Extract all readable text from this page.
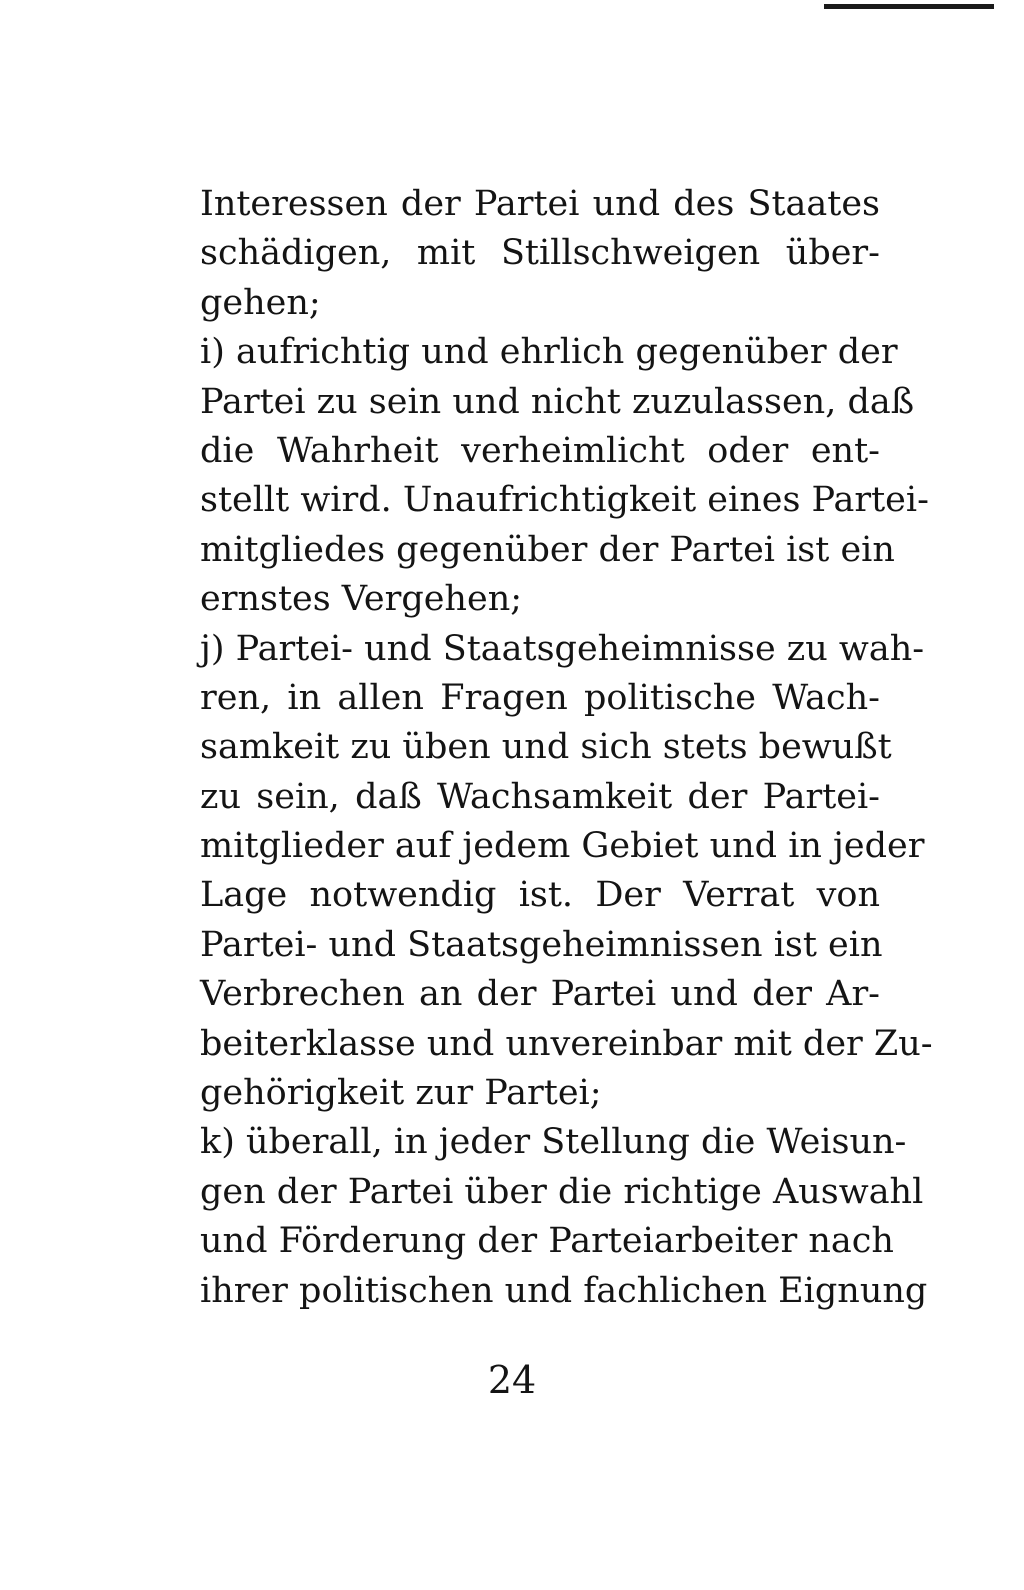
Interessen der Partei und des Staates
schädigen, mit Stillschweigen über-
gehen;
i) aufrichtig und ehrlich gegenüber der
Partei zu sein und nicht zuzulassen, daß
die Wahrheit verheimlicht oder ent-
stellt wird. Unaufrichtigkeit eines Partei-
mitgliedes gegenüber der Partei ist ein
ernstes Vergehen;
j) Partei- und Staatsgeheimnisse zu wah-
ren, in allen Fragen politische Wach-
samkeit zu üben und sich stets bewußt
zu sein, daß Wachsamkeit der Partei-
mitglieder auf jedem Gebiet und in jeder
Lage notwendig ist. Der Verrat von
Partei- und Staatsgeheimnissen ist ein
Verbrechen an der Partei und der Ar-
beiterklasse und unvereinbar mit der Zu-
gehörigkeit zur Partei;
k) überall, in jeder Stellung die Weisun-
gen der Partei über die richtige Auswahl
und Förderung der Parteiarbeiter nach
ihrer politischen und fachlichen Eignung
24
